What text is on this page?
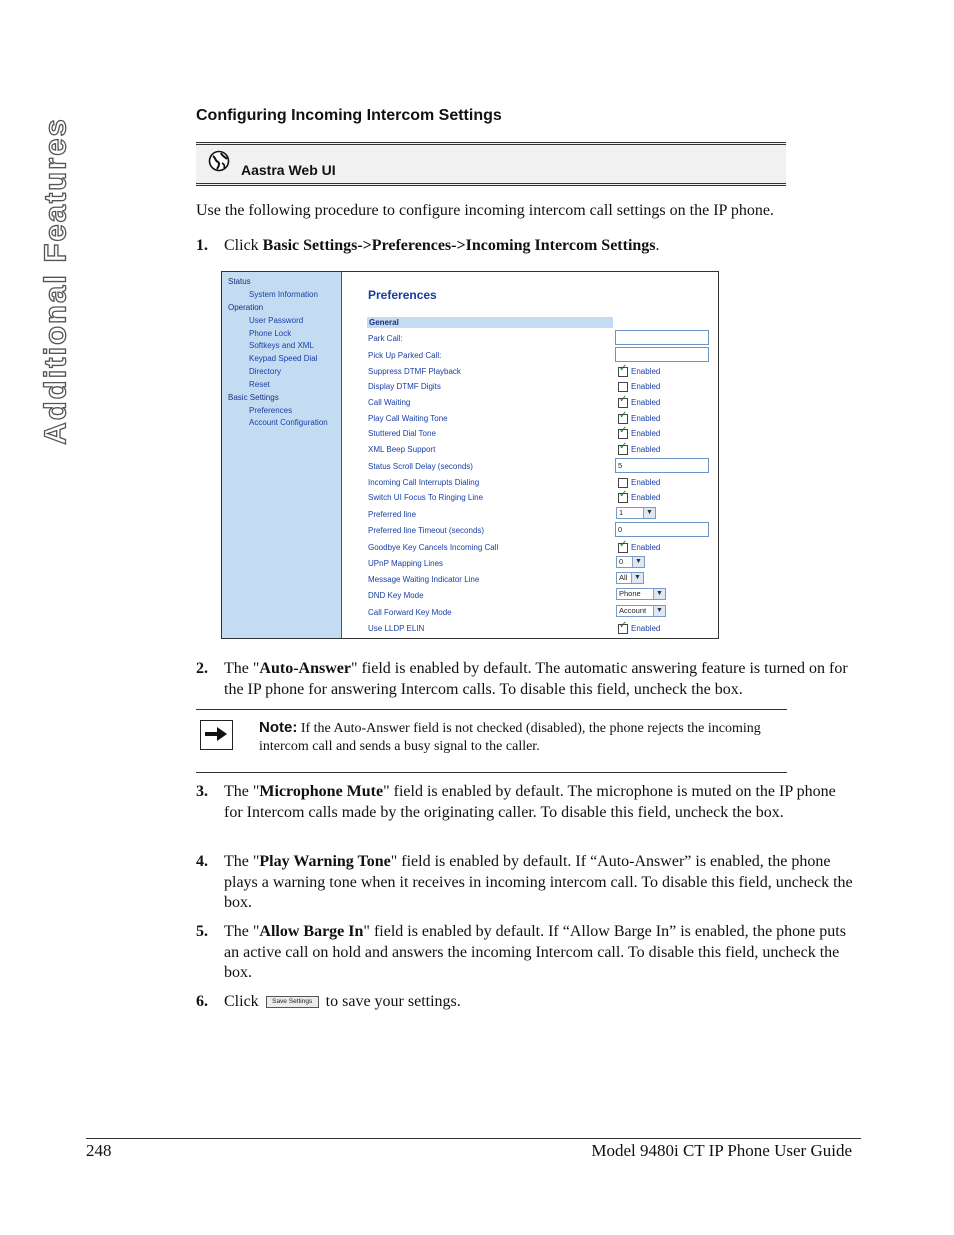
Additional Features
Configuring Incoming Intercom Settings
Aastra Web UI
Use the following procedure to configure incoming intercom call settings on the IP phone.
1. Click Basic Settings->Preferences->Incoming Intercom Settings.
Status
System Information
Operation
User Password
Phone Lock
Softkeys and XML
Keypad Speed Dial
Directory
Reset
Basic Settings
Preferences
Account Configuration
Preferences
General
Park Call:
Pick Up Parked Call:
Suppress DTMF Playback	✓ $^{Enabled}$
Display DTMF Digits	$^{Enabled}$
Call Waiting	✓ $^{Enabled}$
Play Call Waiting Tone	✓ $^{Enabled}$
Stuttered Dial Tone	✓ $^{Enabled}$
XML Beep Support	✓ $^{Enabled}$
Status Scroll Delay (seconds)	5
Incoming Call Interrupts Dialing	$^{Enabled}$
Switch UI Focus To Ringing Line	✓ $^{Enabled}$
Preferred line	1	▼
Preferred line Timeout (seconds)	0
Goodbye Key Cancels Incoming Call	✓ $^{Enabled}$
UPnP Mapping Lines	0	▼
Message Waiting Indicator Line	All ▼
DND Key Mode	Phone	▼
Call Forward Key Mode	Account	▼
Use LLDP ELIN	✓ $^{Enabled}$
2. The "Auto-Answer" field is enabled by default. The automatic answering feature is turned on for the IP phone for answering Intercom calls. To disable this field, uncheck the box.
Note: If the Auto-Answer field is not checked (disabled), the phone rejects the incoming intercom call and sends a busy signal to the caller.
3. The "Microphone Mute" field is enabled by default. The microphone is muted on the IP phone for Intercom calls made by the originating caller. To disable this field, uncheck the box.
4. The "Play Warning Tone" field is enabled by default. If “Auto-Answer” is enabled, the phone plays a warning tone when it receives in incoming intercom call. To disable this field, uncheck the box.
5. The "Allow Barge In" field is enabled by default. If “Allow Barge In” is enabled, the phone puts an active call on hold and answers the incoming Intercom call. To disable this field, uncheck the box.
6. Click Save Settings to save your settings.
248	Model 9480i CT IP Phone User Guide
